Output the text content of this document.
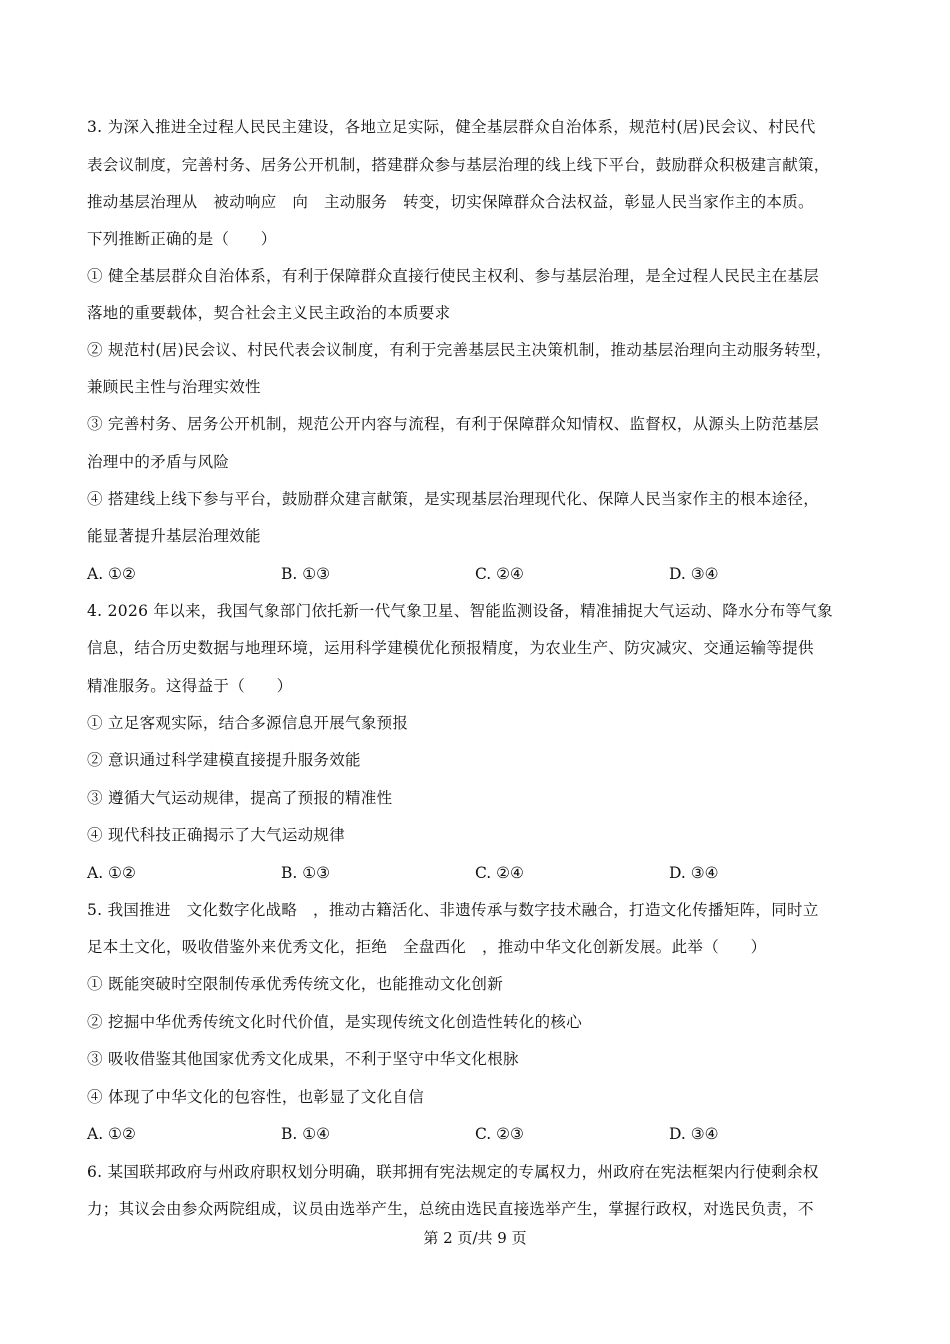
3. 为深入推进全过程人民民主建设，各地立足实际，健全基层群众自治体系，规范村(居)民会议、村民代
表会议制度，完善村务、居务公开机制，搭建群众参与基层治理的线上线下平台，鼓励群众积极建言献策，
推动基层治理从　被动响应　向　主动服务　转变，切实保障群众合法权益，彰显人民当家作主的本质。
下列推断正确的是（　　）
① 健全基层群众自治体系，有利于保障群众直接行使民主权利、参与基层治理，是全过程人民民主在基层
落地的重要载体，契合社会主义民主政治的本质要求
② 规范村(居)民会议、村民代表会议制度，有利于完善基层民主决策机制，推动基层治理向主动服务转型，
兼顾民主性与治理实效性
③ 完善村务、居务公开机制，规范公开内容与流程，有利于保障群众知情权、监督权，从源头上防范基层
治理中的矛盾与风险
④ 搭建线上线下参与平台，鼓励群众建言献策，是实现基层治理现代化、保障人民当家作主的根本途径，
能显著提升基层治理效能
A. ①②	B. ①③	C. ②④	D. ③④
4. 2026 年以来，我国气象部门依托新一代气象卫星、智能监测设备，精准捕捉大气运动、降水分布等气象
信息，结合历史数据与地理环境，运用科学建模优化预报精度，为农业生产、防灾减灾、交通运输等提供
精准服务。这得益于（　　）
① 立足客观实际，结合多源信息开展气象预报
② 意识通过科学建模直接提升服务效能
③ 遵循大气运动规律，提高了预报的精准性
④ 现代科技正确揭示了大气运动规律
A. ①②	B. ①③	C. ②④	D. ③④
5. 我国推进　文化数字化战略　，推动古籍活化、非遗传承与数字技术融合，打造文化传播矩阵，同时立
足本土文化，吸收借鉴外来优秀文化，拒绝　全盘西化　，推动中华文化创新发展。此举（　　）
① 既能突破时空限制传承优秀传统文化，也能推动文化创新
② 挖掘中华优秀传统文化时代价值，是实现传统文化创造性转化的核心
③ 吸收借鉴其他国家优秀文化成果，不利于坚守中华文化根脉
④ 体现了中华文化的包容性，也彰显了文化自信
A. ①②	B. ①④	C. ②③	D. ③④
6. 某国联邦政府与州政府职权划分明确，联邦拥有宪法规定的专属权力，州政府在宪法框架内行使剩余权
力；其议会由参众两院组成，议员由选举产生，总统由选民直接选举产生，掌握行政权，对选民负责，不
第 2 页/共 9 页
